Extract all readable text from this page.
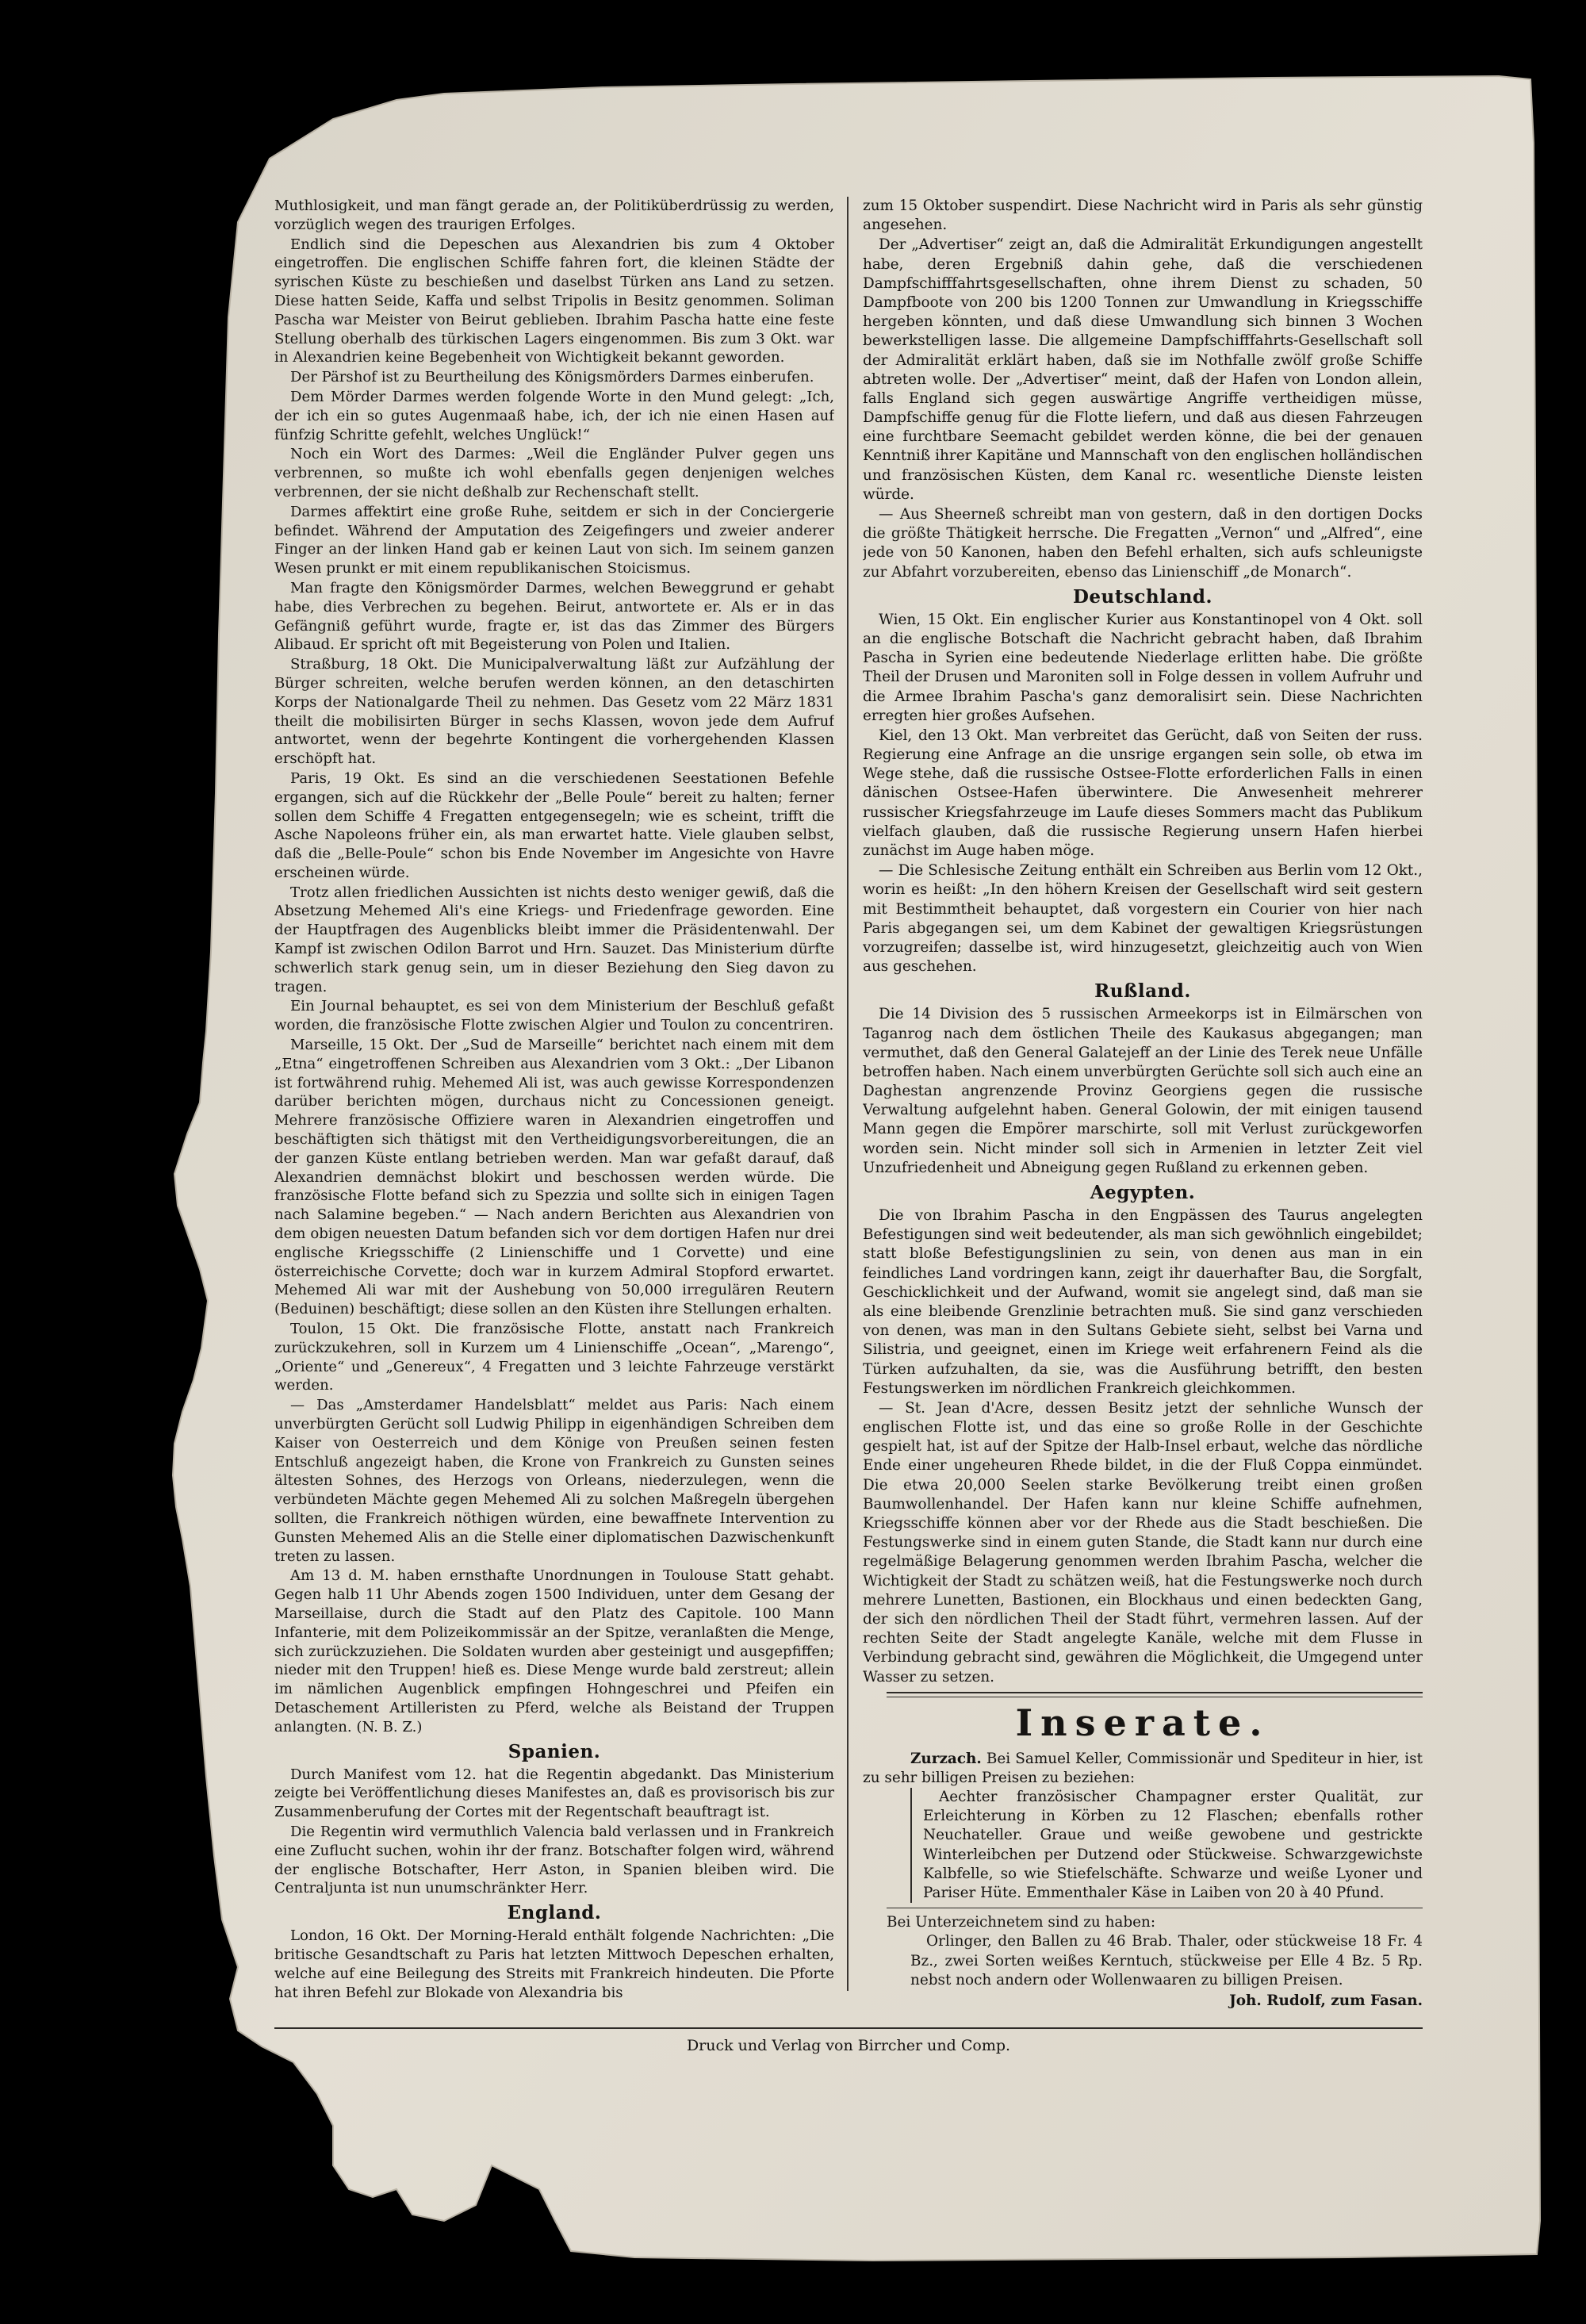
Muthlosigkeit, und man fängt gerade an, der Politiküberdrüssig zu werden, vorzüglich wegen des traurigen Erfolges.

Endlich sind die Depeschen aus Alexandrien bis zum 4 Oktober eingetroffen. Die englischen Schiffe fahren fort, die kleinen Städte der syrischen Küste zu beschießen und daselbst Türken ans Land zu setzen. Diese hatten Seide, Kaffa und selbst Tripolis in Besitz genommen. Soliman Pascha war Meister von Beirut geblieben. Ibrahim Pascha hatte eine feste Stellung oberhalb des türkischen Lagers eingenommen. Bis zum 3 Okt. war in Alexandrien keine Begebenheit von Wichtigkeit bekannt geworden.

Der Pärshof ist zu Beurtheilung des Königsmörders Darmes einberufen.

Dem Mörder Darmes werden folgende Worte in den Mund gelegt: „Ich, der ich ein so gutes Augenmaaß habe, ich, der ich nie einen Hasen auf fünfzig Schritte gefehlt, welches Unglück!“

Noch ein Wort des Darmes: „Weil die Engländer Pulver gegen uns verbrennen, so mußte ich wohl ebenfalls gegen denjenigen welches verbrennen, der sie nicht deßhalb zur Rechenschaft stellt.

Darmes affektirt eine große Ruhe, seitdem er sich in der Conciergerie befindet. Während der Amputation des Zeigefingers und zweier anderer Finger an der linken Hand gab er keinen Laut von sich. Im seinem ganzen Wesen prunkt er mit einem republikanischen Stoicismus.

Man fragte den Königsmörder Darmes, welchen Beweggrund er gehabt habe, dies Verbrechen zu begehen. Beirut, antwortete er. Als er in das Gefängniß geführt wurde, fragte er, ist das das Zimmer des Bürgers Alibaud. Er spricht oft mit Begeisterung von Polen und Italien.

Straßburg, 18 Okt. Die Municipalverwaltung läßt zur Aufzählung der Bürger schreiten, welche berufen werden können, an den detaschirten Korps der Nationalgarde Theil zu nehmen. Das Gesetz vom 22 März 1831 theilt die mobilisirten Bürger in sechs Klassen, wovon jede dem Aufruf antwortet, wenn der begehrte Kontingent die vorhergehenden Klassen erschöpft hat.

Paris, 19 Okt. Es sind an die verschiedenen Seestationen Befehle ergangen, sich auf die Rückkehr der „Belle Poule“ bereit zu halten; ferner sollen dem Schiffe 4 Fregatten entgegensegeln; wie es scheint, trifft die Asche Napoleons früher ein, als man erwartet hatte. Viele glauben selbst, daß die „Belle-Poule“ schon bis Ende November im Angesichte von Havre erscheinen würde.

Trotz allen friedlichen Aussichten ist nichts desto weniger gewiß, daß die Absetzung Mehemed Ali's eine Kriegs- und Friedenfrage geworden. Eine der Hauptfragen des Augenblicks bleibt immer die Präsidentenwahl. Der Kampf ist zwischen Odilon Barrot und Hrn. Sauzet. Das Ministerium dürfte schwerlich stark genug sein, um in dieser Beziehung den Sieg davon zu tragen.

Ein Journal behauptet, es sei von dem Ministerium der Beschluß gefaßt worden, die französische Flotte zwischen Algier und Toulon zu concentriren.

Marseille, 15 Okt. Der „Sud de Marseille“ berichtet nach einem mit dem „Etna“ eingetroffenen Schreiben aus Alexandrien vom 3 Okt.: „Der Libanon ist fortwährend ruhig. Mehemed Ali ist, was auch gewisse Korrespondenzen darüber berichten mögen, durchaus nicht zu Concessionen geneigt. Mehrere französische Offiziere waren in Alexandrien eingetroffen und beschäftigten sich thätigst mit den Vertheidigungsvorbereitungen, die an der ganzen Küste entlang betrieben werden. Man war gefaßt darauf, daß Alexandrien demnächst blokirt und beschossen werden würde. Die französische Flotte befand sich zu Spezzia und sollte sich in einigen Tagen nach Salamine begeben.“ — Nach andern Berichten aus Alexandrien von dem obigen neuesten Datum befanden sich vor dem dortigen Hafen nur drei englische Kriegsschiffe (2 Linienschiffe und 1 Corvette) und eine österreichische Corvette; doch war in kurzem Admiral Stopford erwartet. Mehemed Ali war mit der Aushebung von 50,000 irregulären Reutern (Beduinen) beschäftigt; diese sollen an den Küsten ihre Stellungen erhalten.

Toulon, 15 Okt. Die französische Flotte, anstatt nach Frankreich zurückzukehren, soll in Kurzem um 4 Linienschiffe „Ocean“, „Marengo“, „Oriente“ und „Genereux“, 4 Fregatten und 3 leichte Fahrzeuge verstärkt werden.

— Das „Amsterdamer Handelsblatt“ meldet aus Paris: Nach einem unverbürgten Gerücht soll Ludwig Philipp in eigenhändigen Schreiben dem Kaiser von Oesterreich und dem Könige von Preußen seinen festen Entschluß angezeigt haben, die Krone von Frankreich zu Gunsten seines ältesten Sohnes, des Herzogs von Orleans, niederzulegen, wenn die verbündeten Mächte gegen Mehemed Ali zu solchen Maßregeln übergehen sollten, die Frankreich nöthigen würden, eine bewaffnete Intervention zu Gunsten Mehemed Alis an die Stelle einer diplomatischen Dazwischenkunft treten zu lassen.

Am 13 d. M. haben ernsthafte Unordnungen in Toulouse Statt gehabt. Gegen halb 11 Uhr Abends zogen 1500 Individuen, unter dem Gesang der Marseillaise, durch die Stadt auf den Platz des Capitole. 100 Mann Infanterie, mit dem Polizeikommissär an der Spitze, veranlaßten die Menge, sich zurückzuziehen. Die Soldaten wurden aber gesteinigt und ausgepfiffen; nieder mit den Truppen! hieß es. Diese Menge wurde bald zerstreut; allein im nämlichen Augenblick empfingen Hohngeschrei und Pfeifen ein Detaschement Artilleristen zu Pferd, welche als Beistand der Truppen anlangten. (N. B. Z.)

Spanien.

Durch Manifest vom 12. hat die Regentin abgedankt. Das Ministerium zeigte bei Veröffentlichung dieses Manifestes an, daß es provisorisch bis zur Zusammenberufung der Cortes mit der Regentschaft beauftragt ist.

Die Regentin wird vermuthlich Valencia bald verlassen und in Frankreich eine Zuflucht suchen, wohin ihr der franz. Botschafter folgen wird, während der englische Botschafter, Herr Aston, in Spanien bleiben wird. Die Centraljunta ist nun unumschränkter Herr.

England.

London, 16 Okt. Der Morning-Herald enthält folgende Nachrichten: „Die britische Gesandtschaft zu Paris hat letzten Mittwoch Depeschen erhalten, welche auf eine Beilegung des Streits mit Frankreich hindeuten. Die Pforte hat ihren Befehl zur Blokade von Alexandria bis

zum 15 Oktober suspendirt. Diese Nachricht wird in Paris als sehr günstig angesehen.

Der „Advertiser“ zeigt an, daß die Admiralität Erkundigungen angestellt habe, deren Ergebniß dahin gehe, daß die verschiedenen Dampfschifffahrtsgesellschaften, ohne ihrem Dienst zu schaden, 50 Dampfboote von 200 bis 1200 Tonnen zur Umwandlung in Kriegsschiffe hergeben könnten, und daß diese Umwandlung sich binnen 3 Wochen bewerkstelligen lasse. Die allgemeine Dampfschifffahrts-Gesellschaft soll der Admiralität erklärt haben, daß sie im Nothfalle zwölf große Schiffe abtreten wolle. Der „Advertiser“ meint, daß der Hafen von London allein, falls England sich gegen auswärtige Angriffe vertheidigen müsse, Dampfschiffe genug für die Flotte liefern, und daß aus diesen Fahrzeugen eine furchtbare Seemacht gebildet werden könne, die bei der genauen Kenntniß ihrer Kapitäne und Mannschaft von den englischen holländischen und französischen Küsten, dem Kanal rc. wesentliche Dienste leisten würde.

— Aus Sheerneß schreibt man von gestern, daß in den dortigen Docks die größte Thätigkeit herrsche. Die Fregatten „Vernon“ und „Alfred“, eine jede von 50 Kanonen, haben den Befehl erhalten, sich aufs schleunigste zur Abfahrt vorzubereiten, ebenso das Linienschiff „de Monarch“.

Deutschland.

Wien, 15 Okt. Ein englischer Kurier aus Konstantinopel von 4 Okt. soll an die englische Botschaft die Nachricht gebracht haben, daß Ibrahim Pascha in Syrien eine bedeutende Niederlage erlitten habe. Die größte Theil der Drusen und Maroniten soll in Folge dessen in vollem Aufruhr und die Armee Ibrahim Pascha's ganz demoralisirt sein. Diese Nachrichten erregten hier großes Aufsehen.

Kiel, den 13 Okt. Man verbreitet das Gerücht, daß von Seiten der russ. Regierung eine Anfrage an die unsrige ergangen sein solle, ob etwa im Wege stehe, daß die russische Ostsee-Flotte erforderlichen Falls in einen dänischen Ostsee-Hafen überwintere. Die Anwesenheit mehrerer russischer Kriegsfahrzeuge im Laufe dieses Sommers macht das Publikum vielfach glauben, daß die russische Regierung unsern Hafen hierbei zunächst im Auge haben möge.

— Die Schlesische Zeitung enthält ein Schreiben aus Berlin vom 12 Okt., worin es heißt: „In den höhern Kreisen der Gesellschaft wird seit gestern mit Bestimmtheit behauptet, daß vorgestern ein Courier von hier nach Paris abgegangen sei, um dem Kabinet der gewaltigen Kriegsrüstungen vorzugreifen; dasselbe ist, wird hinzugesetzt, gleichzeitig auch von Wien aus geschehen.

Rußland.

Die 14 Division des 5 russischen Armeekorps ist in Eilmärschen von Taganrog nach dem östlichen Theile des Kaukasus abgegangen; man vermuthet, daß den General Galatejeff an der Linie des Terek neue Unfälle betroffen haben. Nach einem unverbürgten Gerüchte soll sich auch eine an Daghestan angrenzende Provinz Georgiens gegen die russische Verwaltung aufgelehnt haben. General Golowin, der mit einigen tausend Mann gegen die Empörer marschirte, soll mit Verlust zurückgeworfen worden sein. Nicht minder soll sich in Armenien in letzter Zeit viel Unzufriedenheit und Abneigung gegen Rußland zu erkennen geben.

Aegypten.

Die von Ibrahim Pascha in den Engpässen des Taurus angelegten Befestigungen sind weit bedeutender, als man sich gewöhnlich eingebildet; statt bloße Befestigungslinien zu sein, von denen aus man in ein feindliches Land vordringen kann, zeigt ihr dauerhafter Bau, die Sorgfalt, Geschicklichkeit und der Aufwand, womit sie angelegt sind, daß man sie als eine bleibende Grenzlinie betrachten muß. Sie sind ganz verschieden von denen, was man in den Sultans Gebiete sieht, selbst bei Varna und Silistria, und geeignet, einen im Kriege weit erfahrenern Feind als die Türken aufzuhalten, da sie, was die Ausführung betrifft, den besten Festungswerken im nördlichen Frankreich gleichkommen.

— St. Jean d'Acre, dessen Besitz jetzt der sehnliche Wunsch der englischen Flotte ist, und das eine so große Rolle in der Geschichte gespielt hat, ist auf der Spitze der Halb-Insel erbaut, welche das nördliche Ende einer ungeheuren Rhede bildet, in die der Fluß Coppa einmündet. Die etwa 20,000 Seelen starke Bevölkerung treibt einen großen Baumwollenhandel. Der Hafen kann nur kleine Schiffe aufnehmen, Kriegsschiffe können aber vor der Rhede aus die Stadt beschießen. Die Festungswerke sind in einem guten Stande, die Stadt kann nur durch eine regelmäßige Belagerung genommen werden Ibrahim Pascha, welcher die Wichtigkeit der Stadt zu schätzen weiß, hat die Festungswerke noch durch mehrere Lunetten, Bastionen, ein Blockhaus und einen bedeckten Gang, der sich den nördlichen Theil der Stadt führt, vermehren lassen. Auf der rechten Seite der Stadt angelegte Kanäle, welche mit dem Flusse in Verbindung gebracht sind, gewähren die Möglichkeit, die Umgegend unter Wasser zu setzen.

Inserate.

Zurzach. Bei Samuel Keller, Commissionär und Spediteur in hier, ist zu sehr billigen Preisen zu beziehen:

Aechter französischer Champagner erster Qualität, zur Erleichterung in Körben zu 12 Flaschen; ebenfalls rother Neuchateller. Graue und weiße gewobene und gestrickte Winterleibchen per Dutzend oder Stückweise. Schwarzgewichste Kalbfelle, so wie Stiefelschäfte. Schwarze und weiße Lyoner und Pariser Hüte. Emmenthaler Käse in Laiben von 20 à 40 Pfund.

Bei Unterzeichnetem sind zu haben:

Orlinger, den Ballen zu 46 Brab. Thaler, oder stückweise 18 Fr. 4 Bz., zwei Sorten weißes Kerntuch, stückweise per Elle 4 Bz. 5 Rp. nebst noch andern oder Wollenwaaren zu billigen Preisen.

Joh. Rudolf, zum Fasan.
Druck und Verlag von Birrcher und Comp.
